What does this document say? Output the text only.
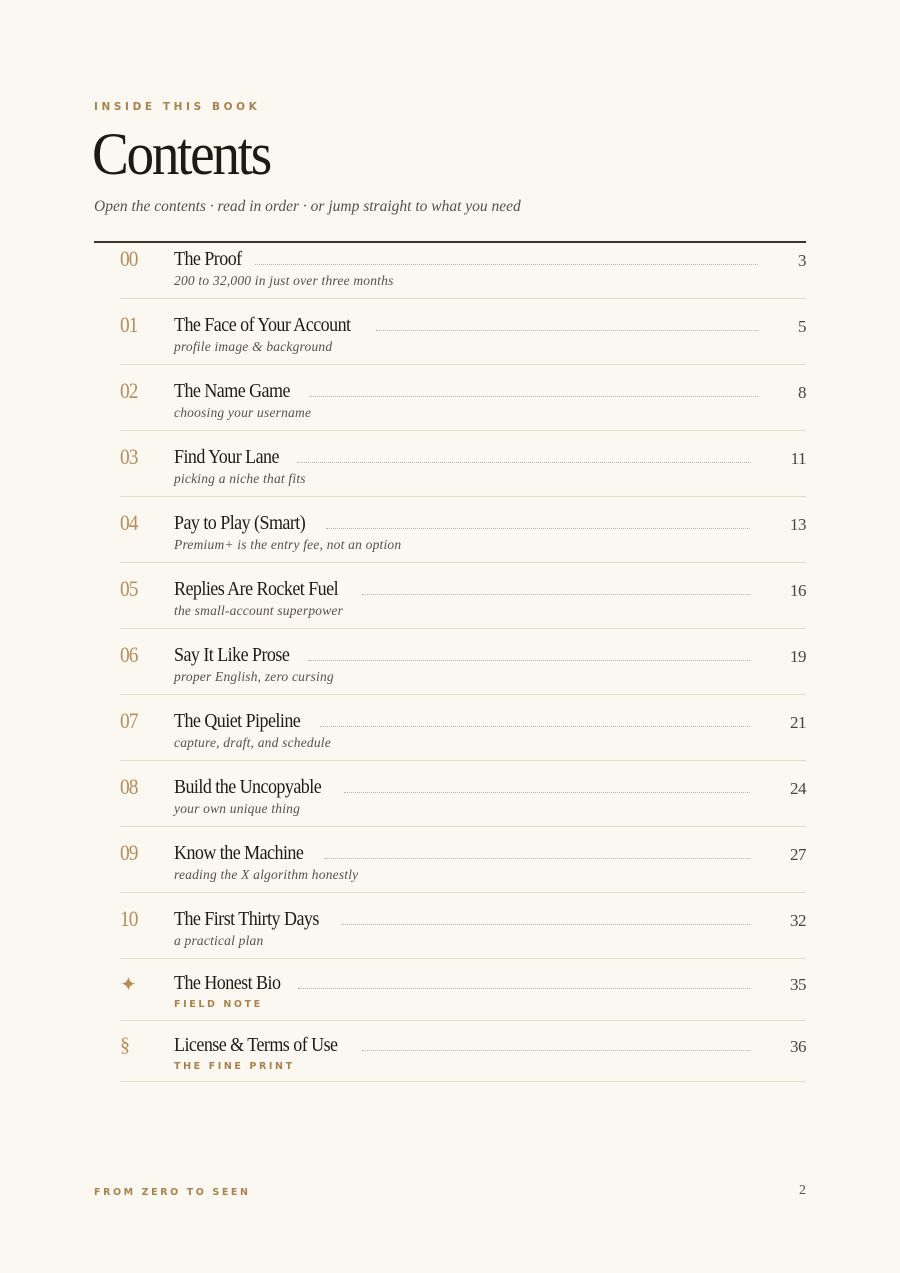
INSIDE THIS BOOK
Contents
Open the contents · read in order · or jump straight to what you need
00 The Proof	3
200 to 32,000 in just over three months
01 The Face of Your Account	5
profile image & background
02 The Name Game	8
choosing your username
03 Find Your Lane	11
picking a niche that fits
04 Pay to Play (Smart)	13
Premium+ is the entry fee, not an option
05 Replies Are Rocket Fuel	16
the small-account superpower
06 Say It Like Prose	19
proper English, zero cursing
07 The Quiet Pipeline	21
capture, draft, and schedule
08 Build the Uncopyable	24
your own unique thing
09 Know the Machine	27
reading the X algorithm honestly
10 The First Thirty Days	32
a practical plan
✦ The Honest Bio	35
FIELD NOTE
§ License & Terms of Use	36
THE FINE PRINT
FROM ZERO TO SEEN	2
